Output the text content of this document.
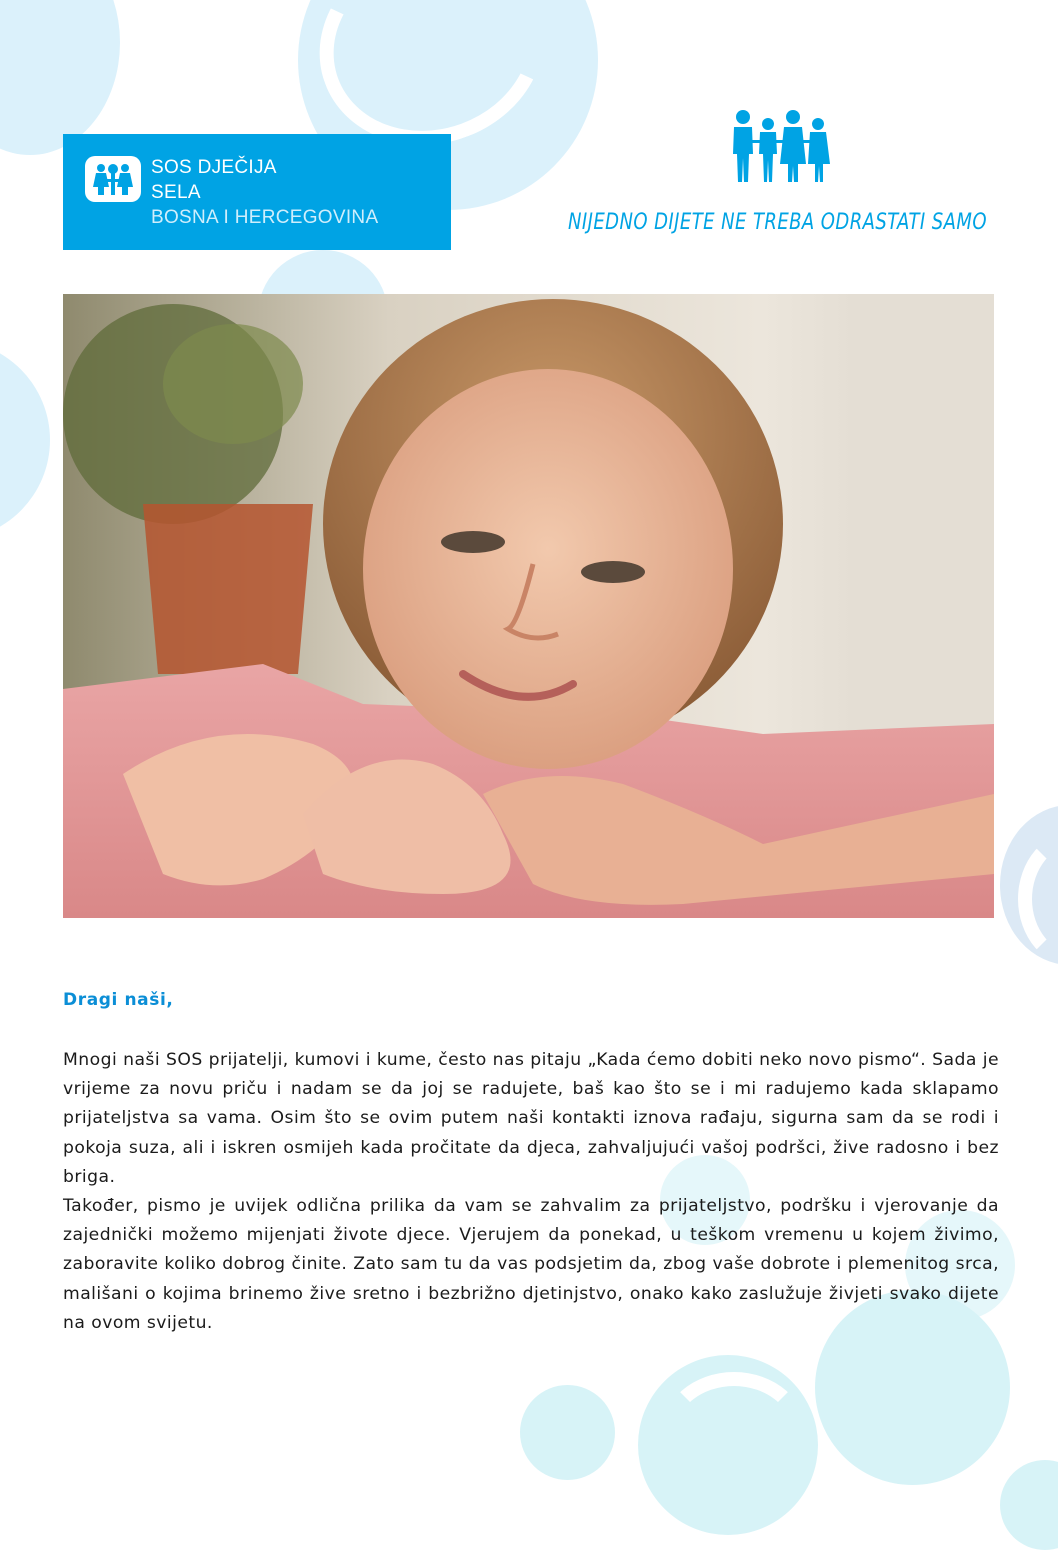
SOS DJEČIJA
SELA
BOSNA I HERCEGOVINA	NIJEDNO DIJETE NE TREBA ODRASTATI SAMO
Dragi naši,

Mnogi naši SOS prijatelji, kumovi i kume, često nas pitaju „Kada ćemo dobiti neko novo pismo“. Sada je vrijeme za novu priču i nadam se da joj se radujete, baš kao što se i mi radujemo kada sklapamo prijateljstva sa vama. Osim što se ovim putem naši kontakti iznova rađaju, sigurna sam da se rodi i pokoja suza, ali i iskren osmijeh kada pročitate da djeca, zahvaljujući vašoj podršci, žive radosno i bez briga.

Također, pismo je uvijek odlična prilika da vam se zahvalim za prijateljstvo, podršku i vjerovanje da zajednički možemo mijenjati živote djece. Vjerujem da ponekad, u teškom vremenu u kojem živimo, zaboravite koliko dobrog činite. Zato sam tu da vas podsjetim da, zbog vaše dobrote i plemenitog srca, mališani o kojima brinemo žive sretno i bezbrižno djetinjstvo, onako kako zaslužuje živjeti svako dijete na ovom svijetu.
